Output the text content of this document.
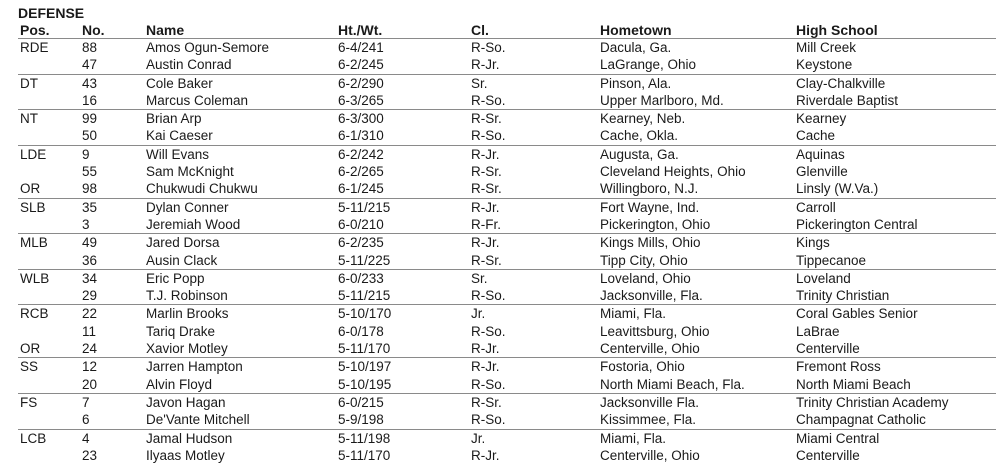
DEFENSE
Pos.	No.	Name	Ht./Wt.	Cl.	Hometown	High School
RDE	88	Amos Ogun-Semore	6-4/241	R-So.	Dacula, Ga.	Mill Creek
	47	Austin Conrad	6-2/245	R-Jr.	LaGrange, Ohio	Keystone
DT	43	Cole Baker	6-2/290	Sr.	Pinson, Ala.	Clay-Chalkville
	16	Marcus Coleman	6-3/265	R-So.	Upper Marlboro, Md.	Riverdale Baptist
NT	99	Brian Arp	6-3/300	R-Sr.	Kearney, Neb.	Kearney
	50	Kai Caeser	6-1/310	R-So.	Cache, Okla.	Cache
LDE	9	Will Evans	6-2/242	R-Jr.	Augusta, Ga.	Aquinas
	55	Sam McKnight	6-2/265	R-Sr.	Cleveland Heights, Ohio	Glenville
OR	98	Chukwudi Chukwu	6-1/245	R-Sr.	Willingboro, N.J.	Linsly (W.Va.)
SLB	35	Dylan Conner	5-11/215	R-Jr.	Fort Wayne, Ind.	Carroll
	3	Jeremiah Wood	6-0/210	R-Fr.	Pickerington, Ohio	Pickerington Central
MLB	49	Jared Dorsa	6-2/235	R-Jr.	Kings Mills, Ohio	Kings
	36	Ausin Clack	5-11/225	R-Sr.	Tipp City, Ohio	Tippecanoe
WLB	34	Eric Popp	6-0/233	Sr.	Loveland, Ohio	Loveland
	29	T.J. Robinson	5-11/215	R-So.	Jacksonville, Fla.	Trinity Christian
RCB	22	Marlin Brooks	5-10/170	Jr.	Miami, Fla.	Coral Gables Senior
	11	Tariq Drake	6-0/178	R-So.	Leavittsburg, Ohio	LaBrae
OR	24	Xavior Motley	5-11/170	R-Jr.	Centerville, Ohio	Centerville
SS	12	Jarren Hampton	5-10/197	R-Jr.	Fostoria, Ohio	Fremont Ross
	20	Alvin Floyd	5-10/195	R-So.	North Miami Beach, Fla.	North Miami Beach
FS	7	Javon Hagan	6-0/215	R-Sr.	Jacksonville Fla.	Trinity Christian Academy
	6	De'Vante Mitchell	5-9/198	R-So.	Kissimmee, Fla.	Champagnat Catholic
LCB	4	Jamal Hudson	5-11/198	Jr.	Miami, Fla.	Miami Central
	23	Ilyaas Motley	5-11/170	R-Jr.	Centerville, Ohio	Centerville
